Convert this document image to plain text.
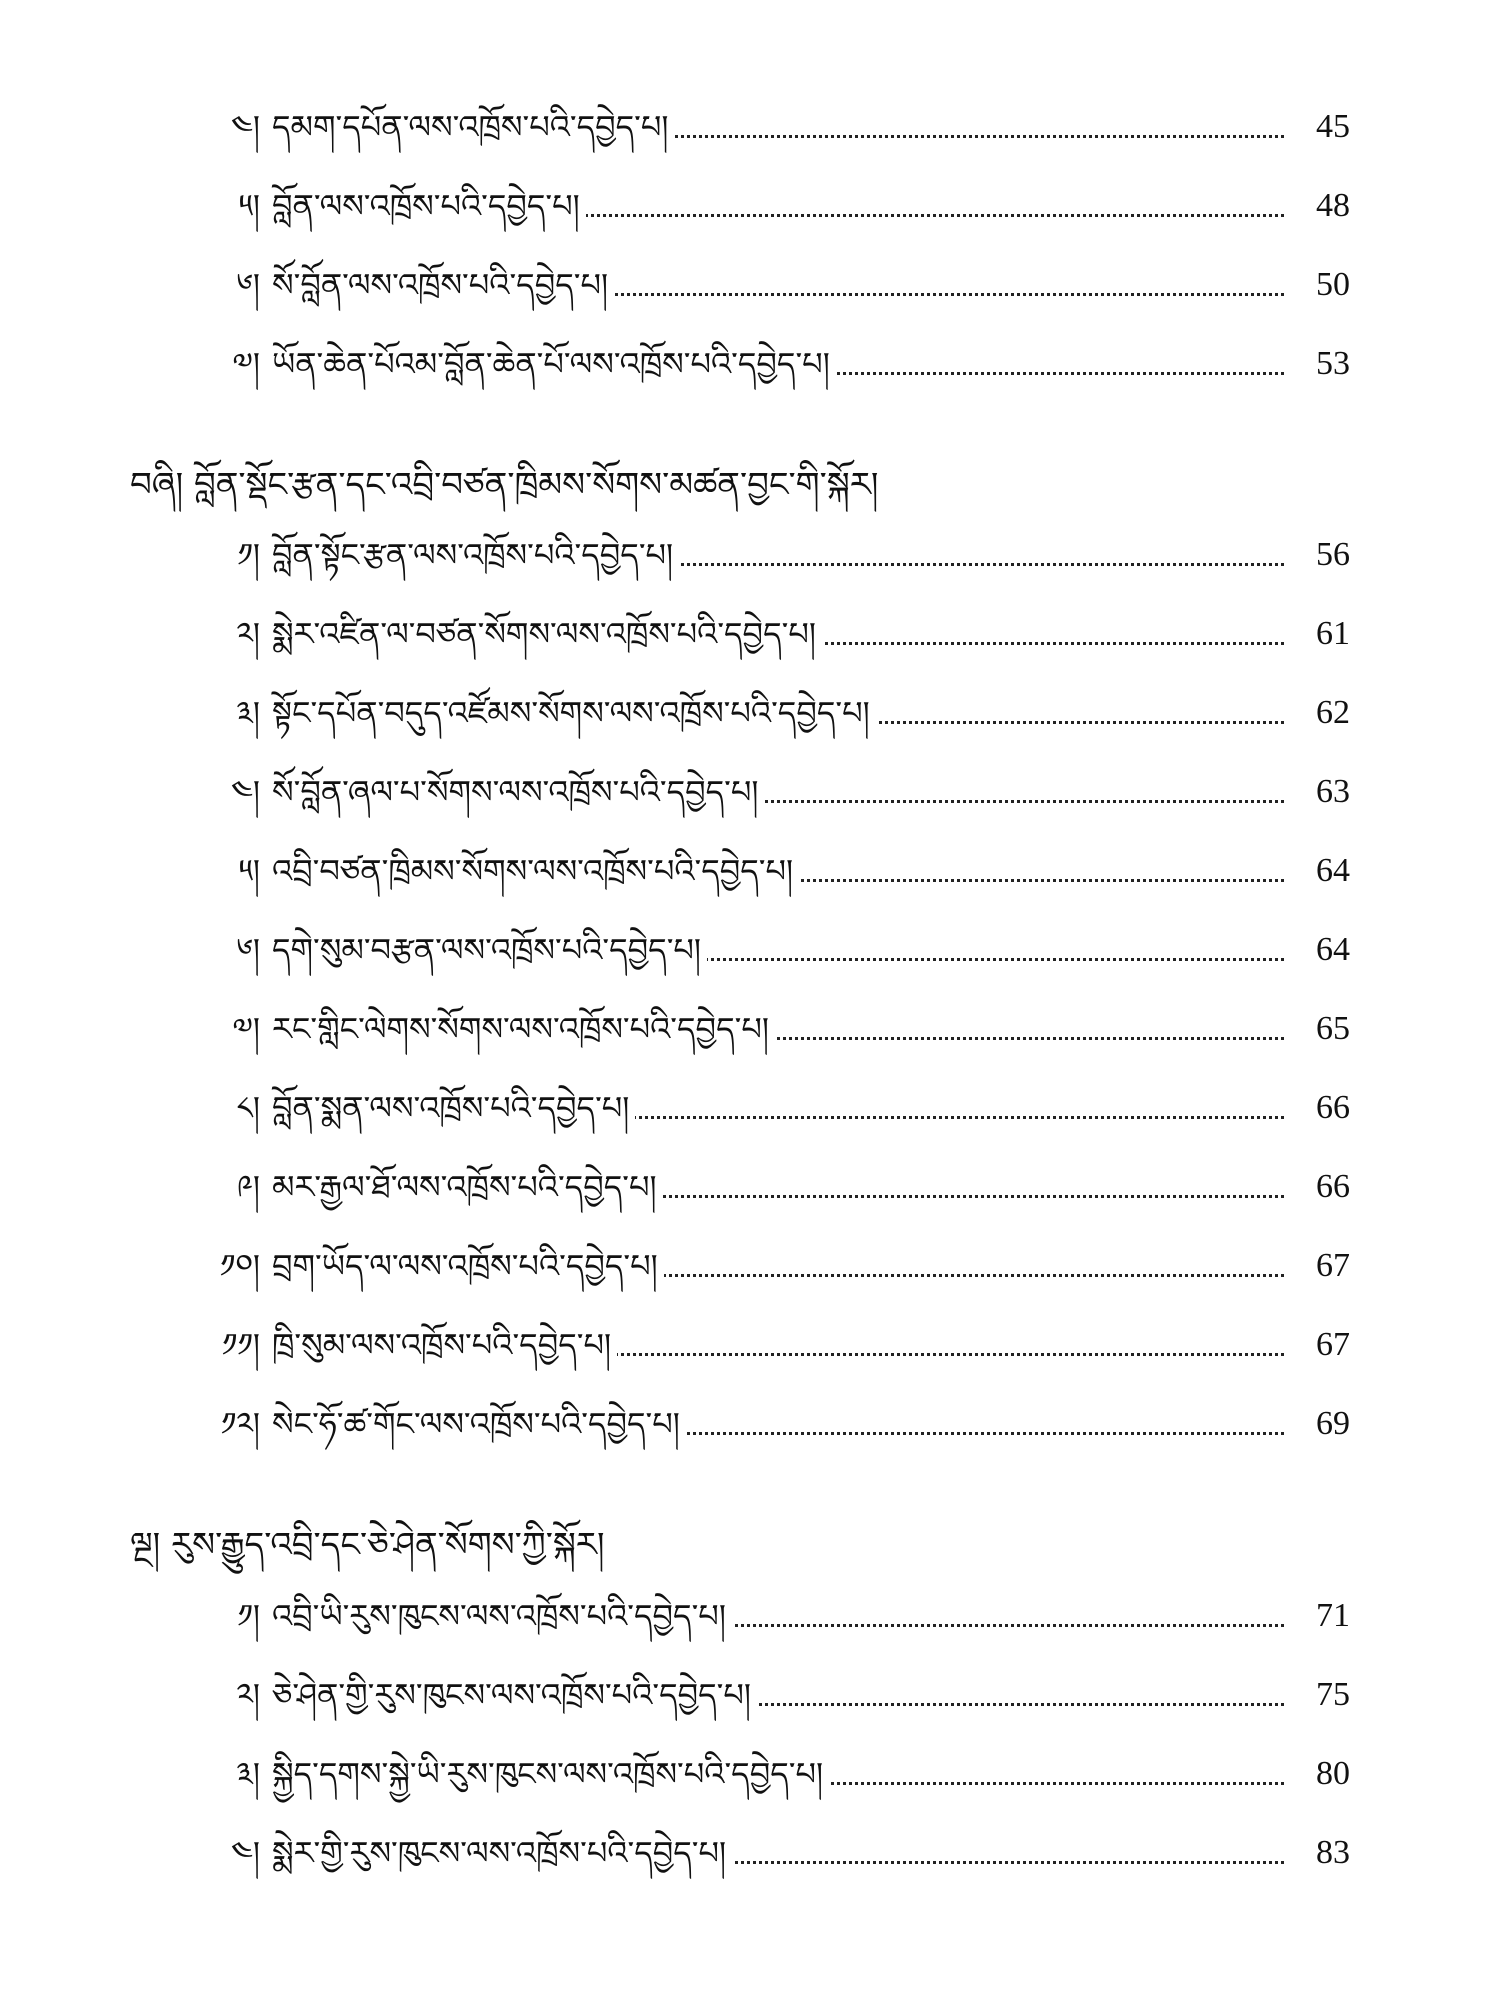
༤། དམག་དཔོན་ལས་འཁྲོས་པའི་དབྱེད་པ།	45
༥། བློན་ལས་འཁྲོས་པའི་དབྱེད་པ།	48
༦། སོ་བློན་ལས་འཁྲོས་པའི་དབྱེད་པ།	50
༧། ཡོན་ཆེན་པོའམ་བློན་ཆེན་པོ་ལས་འཁྲོས་པའི་དབྱེད་པ།	53
བཞི། བློན་སྡོང་རྩན་དང་འབྲི་བཙན་ཁྲིམས་སོགས་མཚན་བྱང་གི་སྐོར།
༡། བློན་སྟོང་རྩན་ལས་འཁྲོས་པའི་དབྱེད་པ།	56
༢། སྨེར་འཛིན་ལ་བཙན་སོགས་ལས་འཁྲོས་པའི་དབྱེད་པ།	61
༣། སྟོང་དཔོན་བདུད་འཛོམས་སོགས་ལས་འཁྲོས་པའི་དབྱེད་པ།	62
༤། སོ་བློན་ཞལ་པ་སོགས་ལས་འཁྲོས་པའི་དབྱེད་པ།	63
༥། འབྲི་བཙན་ཁྲིམས་སོགས་ལས་འཁྲོས་པའི་དབྱེད་པ།	64
༦། དགེ་སུམ་བརྩན་ལས་འཁྲོས་པའི་དབྱེད་པ།	64
༧། རང་གླིང་ལེགས་སོགས་ལས་འཁྲོས་པའི་དབྱེད་པ།	65
༨། བློན་སྨན་ལས་འཁྲོས་པའི་དབྱེད་པ།	66
༩། མར་རྒྱལ་ཐོ་ལས་འཁྲོས་པའི་དབྱེད་པ།	66
༡༠། བྲག་ཡོད་ལ་ལས་འཁྲོས་པའི་དབྱེད་པ།	67
༡༡། ཁྲི་སུམ་ལས་འཁྲོས་པའི་དབྱེད་པ།	67
༡༢། སེང་ཧོ་ཚ་གོང་ལས་འཁྲོས་པའི་དབྱེད་པ།	69
ལྔ། རུས་རྒྱུད་འབྲི་དང་ཅེ་ཤེན་སོགས་ཀྱི་སྐོར།
༡། འབྲི་ཡི་རུས་ཁུངས་ལས་འཁྲོས་པའི་དབྱེད་པ།	71
༢། ཅེ་ཤེན་གྱི་རུས་ཁུངས་ལས་འཁྲོས་པའི་དབྱེད་པ།	75
༣། སྐྱིད་དགས་སྐྱེ་ཡི་རུས་ཁུངས་ལས་འཁྲོས་པའི་དབྱེད་པ།	80
༤། སྨེར་གྱི་རུས་ཁུངས་ལས་འཁྲོས་པའི་དབྱེད་པ།	83
